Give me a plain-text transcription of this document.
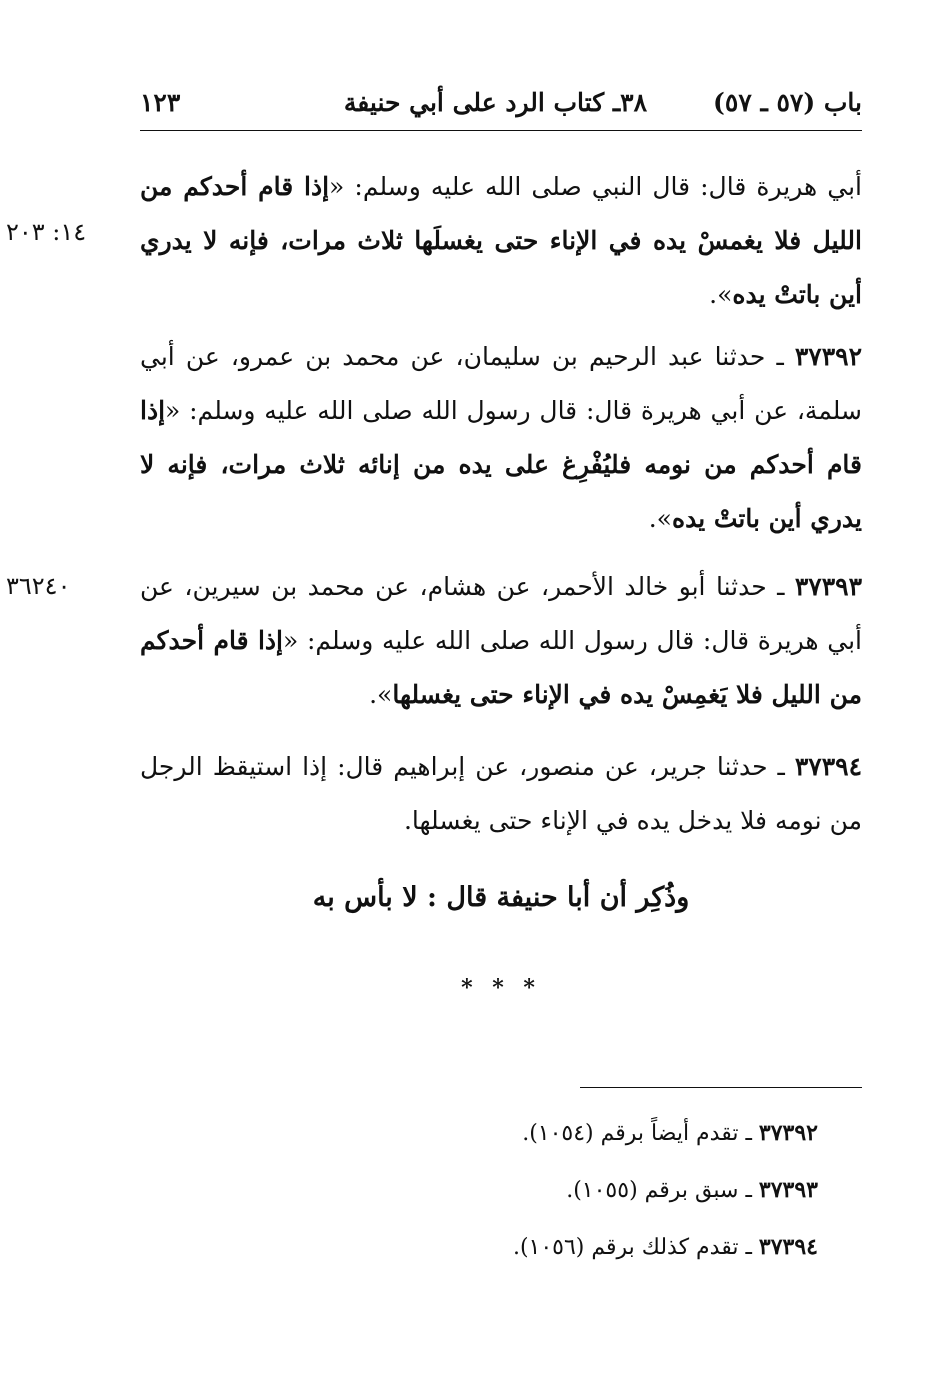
باب (٥٧ ـ ٥٧)
٣٨ـ كتاب الرد على أبي حنيفة
١٢٣
١٤: ٢٠٣
٣٦٢٤٠
أبي هريرة قال: قال النبي صلى الله عليه وسلم: «إذا قام أحدكم من الليل فلا يغمسْ يده في الإناء حتى يغسلَها ثلاث مرات، فإنه لا يدري أين باتتْ يده».
٣٧٣٩٢ ـ حدثنا عبد الرحيم بن سليمان، عن محمد بن عمرو، عن أبي سلمة، عن أبي هريرة قال: قال رسول الله صلى الله عليه وسلم: «إذا قام أحدكم من نومه فليُفْرِغ على يده من إنائه ثلاث مرات، فإنه لا يدري أين باتتْ يده».
٣٧٣٩٣ ـ حدثنا أبو خالد الأحمر، عن هشام، عن محمد بن سيرين، عن أبي هريرة قال: قال رسول الله صلى الله عليه وسلم: «إذا قام أحدكم من الليل فلا يَغمِسْ يده في الإناء حتى يغسلها».
٣٧٣٩٤ ـ حدثنا جرير، عن منصور، عن إبراهيم قال: إذا استيقظ الرجل من نومه فلا يدخل يده في الإناء حتى يغسلها.
وذُكِر أن أبا حنيفة قال : لا بأس به
* * *
٣٧٣٩٢ ـ تقدم أيضاً برقم (١٠٥٤).
٣٧٣٩٣ ـ سبق برقم (١٠٥٥).
٣٧٣٩٤ ـ تقدم كذلك برقم (١٠٥٦).
